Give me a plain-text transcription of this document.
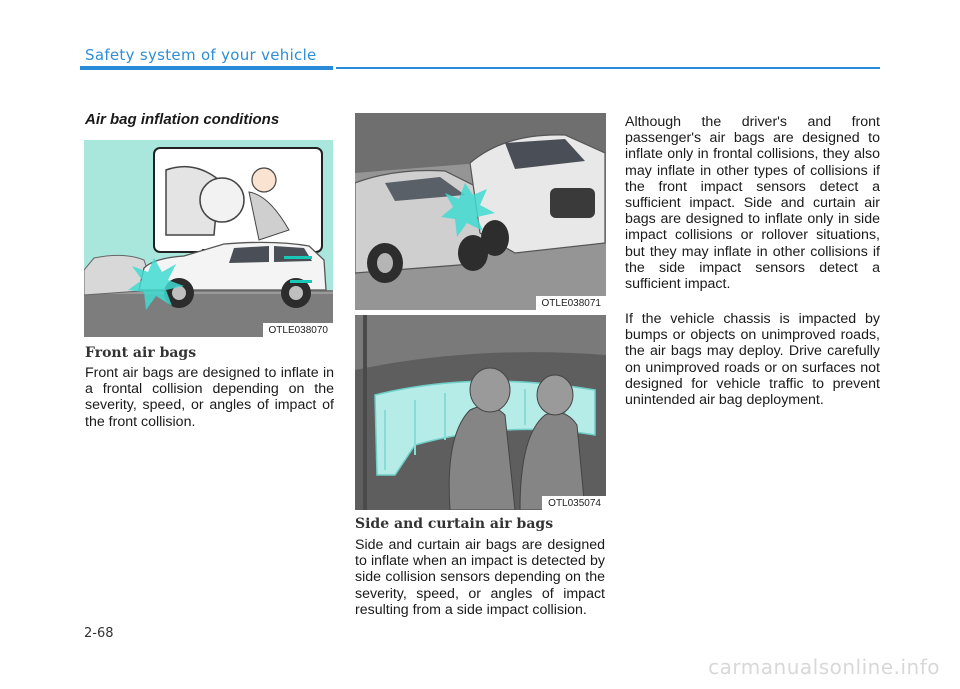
Safety system of your vehicle
Air bag inflation conditions
OTLE038070
Front air bags

Front air bags are designed to inflate in a frontal collision depending on the severity, speed, or angles of impact of the front collision.

OTLE038071
OTL035074
Side and curtain air bags

Side and curtain air bags are designed to inflate when an impact is detected by side collision sensors depending on the severity, speed, or angles of impact resulting from a side impact collision.

Although the driver's and front passenger's air bags are designed to inflate only in frontal collisions, they also may inflate in other types of collisions if the front impact sensors detect a sufficient impact. Side and curtain air bags are designed to inflate only in side impact collisions or rollover situations, but they may inflate in other collisions if the side impact sensors detect a sufficient impact.

If the vehicle chassis is impacted by bumps or objects on unimproved roads, the air bags may deploy. Drive carefully on unimproved roads or on surfaces not designed for vehicle traffic to prevent unintended air bag deployment.

2-68
carmanualsonline.info
